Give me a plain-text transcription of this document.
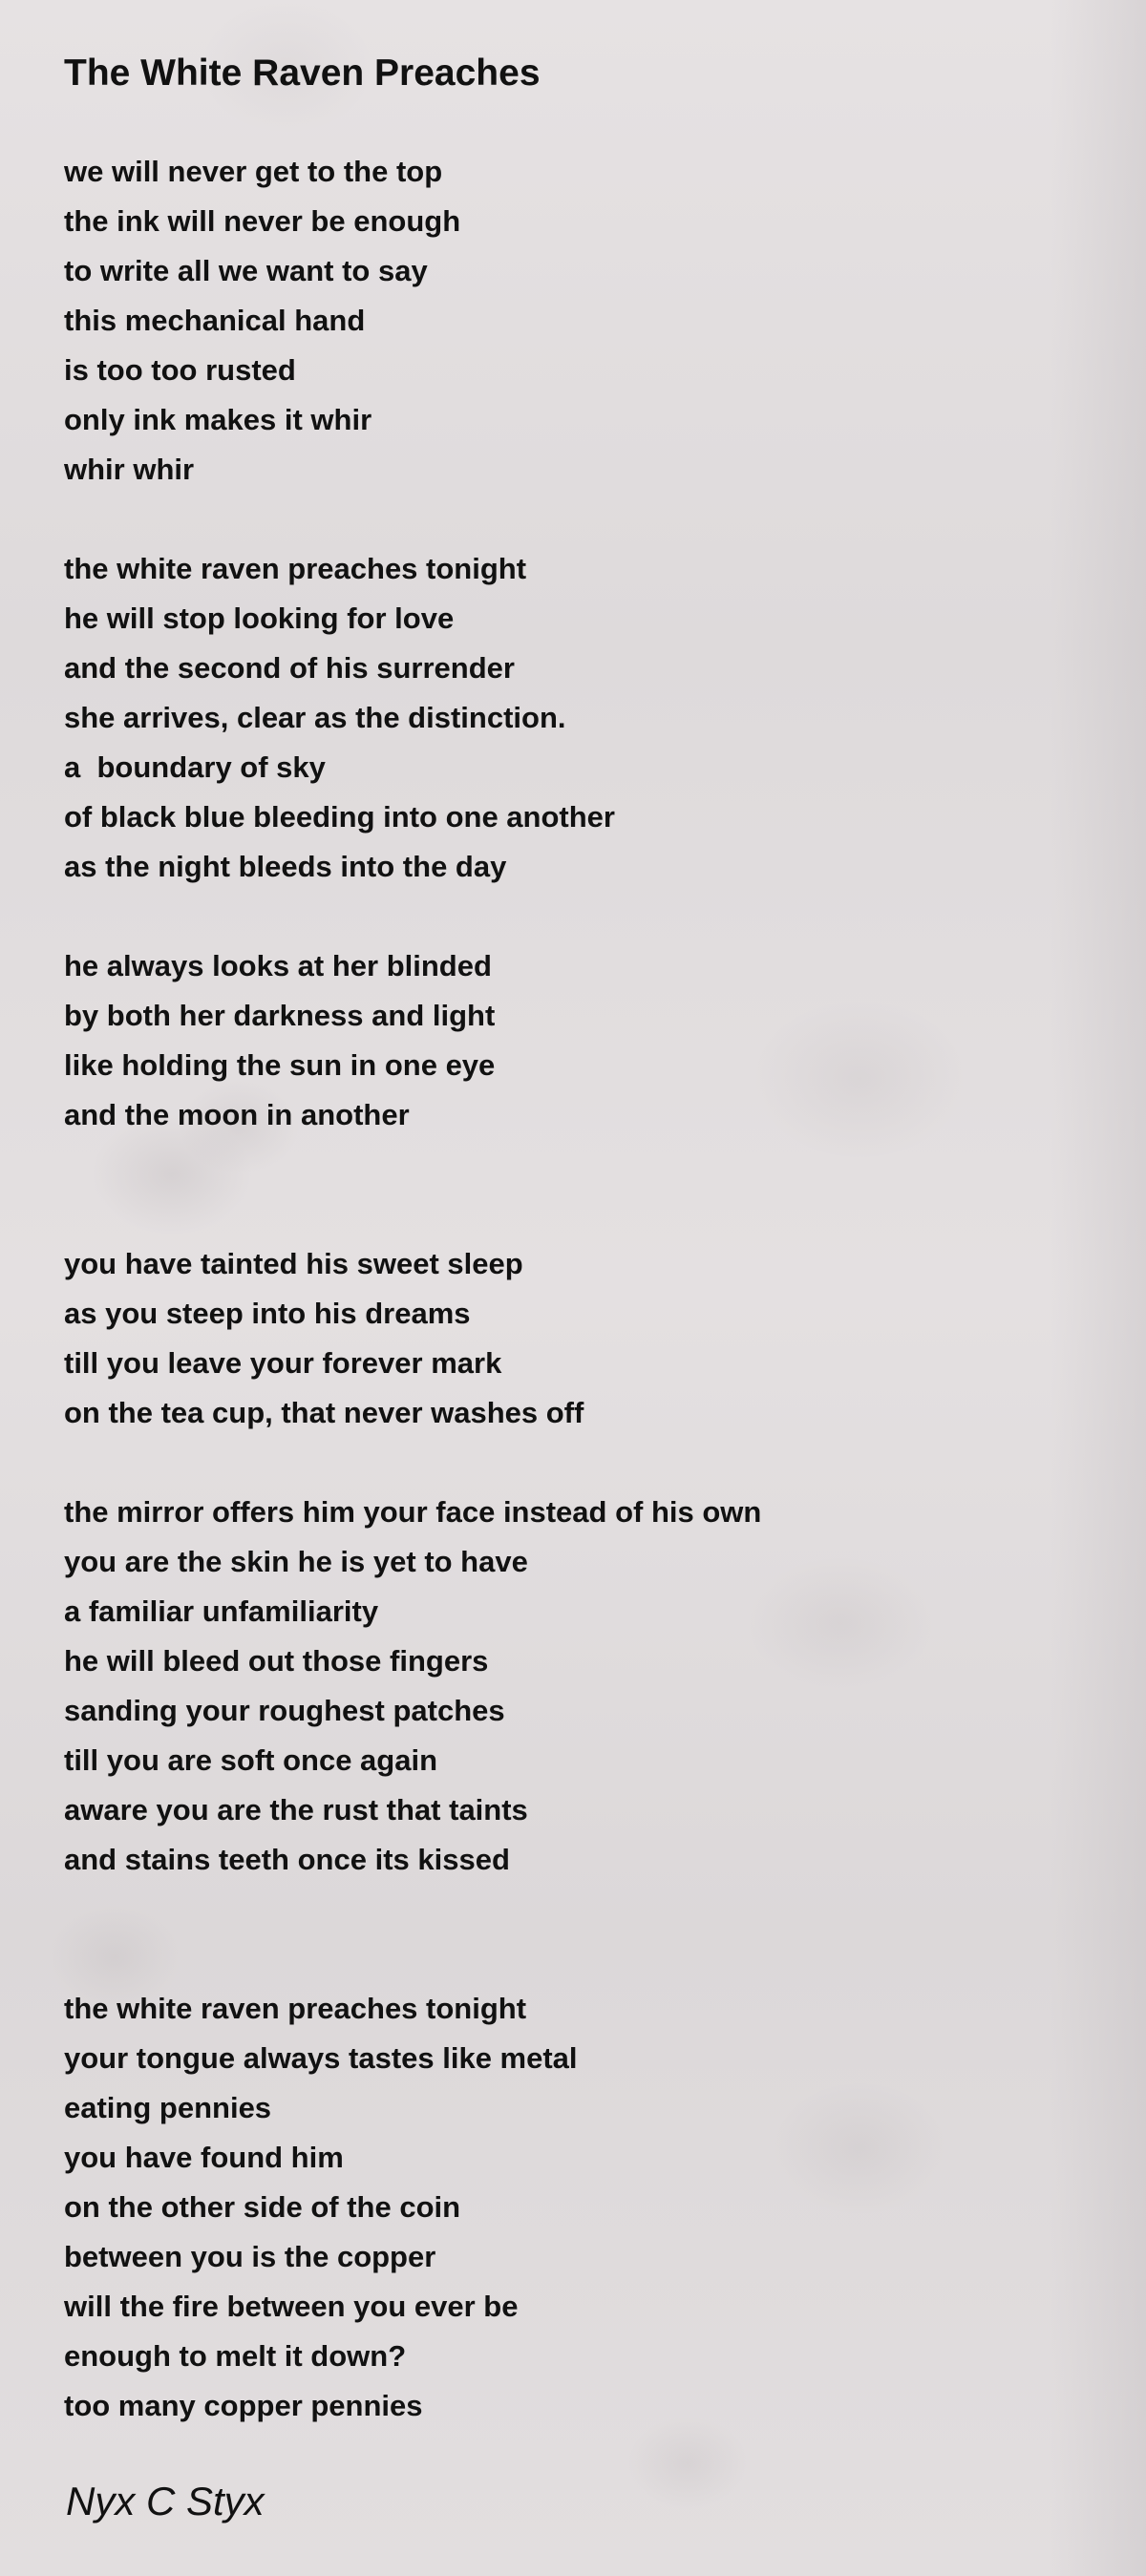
The White Raven Preaches
we will never get to the top
the ink will never be enough
to write all we want to say
this mechanical hand
is too too rusted
only ink makes it whir
whir whir
the white raven preaches tonight
he will stop looking for love
and the second of his surrender
she arrives, clear as the distinction.
a  boundary of sky
of black blue bleeding into one another
as the night bleeds into the day
he always looks at her blinded
by both her darkness and light
like holding the sun in one eye
and the moon in another
you have tainted his sweet sleep
as you steep into his dreams
till you leave your forever mark
on the tea cup, that never washes off
the mirror offers him your face instead of his own
you are the skin he is yet to have
a familiar unfamiliarity
he will bleed out those fingers
sanding your roughest patches
till you are soft once again
aware you are the rust that taints
and stains teeth once its kissed
the white raven preaches tonight
your tongue always tastes like metal
eating pennies
you have found him
on the other side of the coin
between you is the copper
will the fire between you ever be
enough to melt it down?
too many copper pennies
Nyx C Styx
